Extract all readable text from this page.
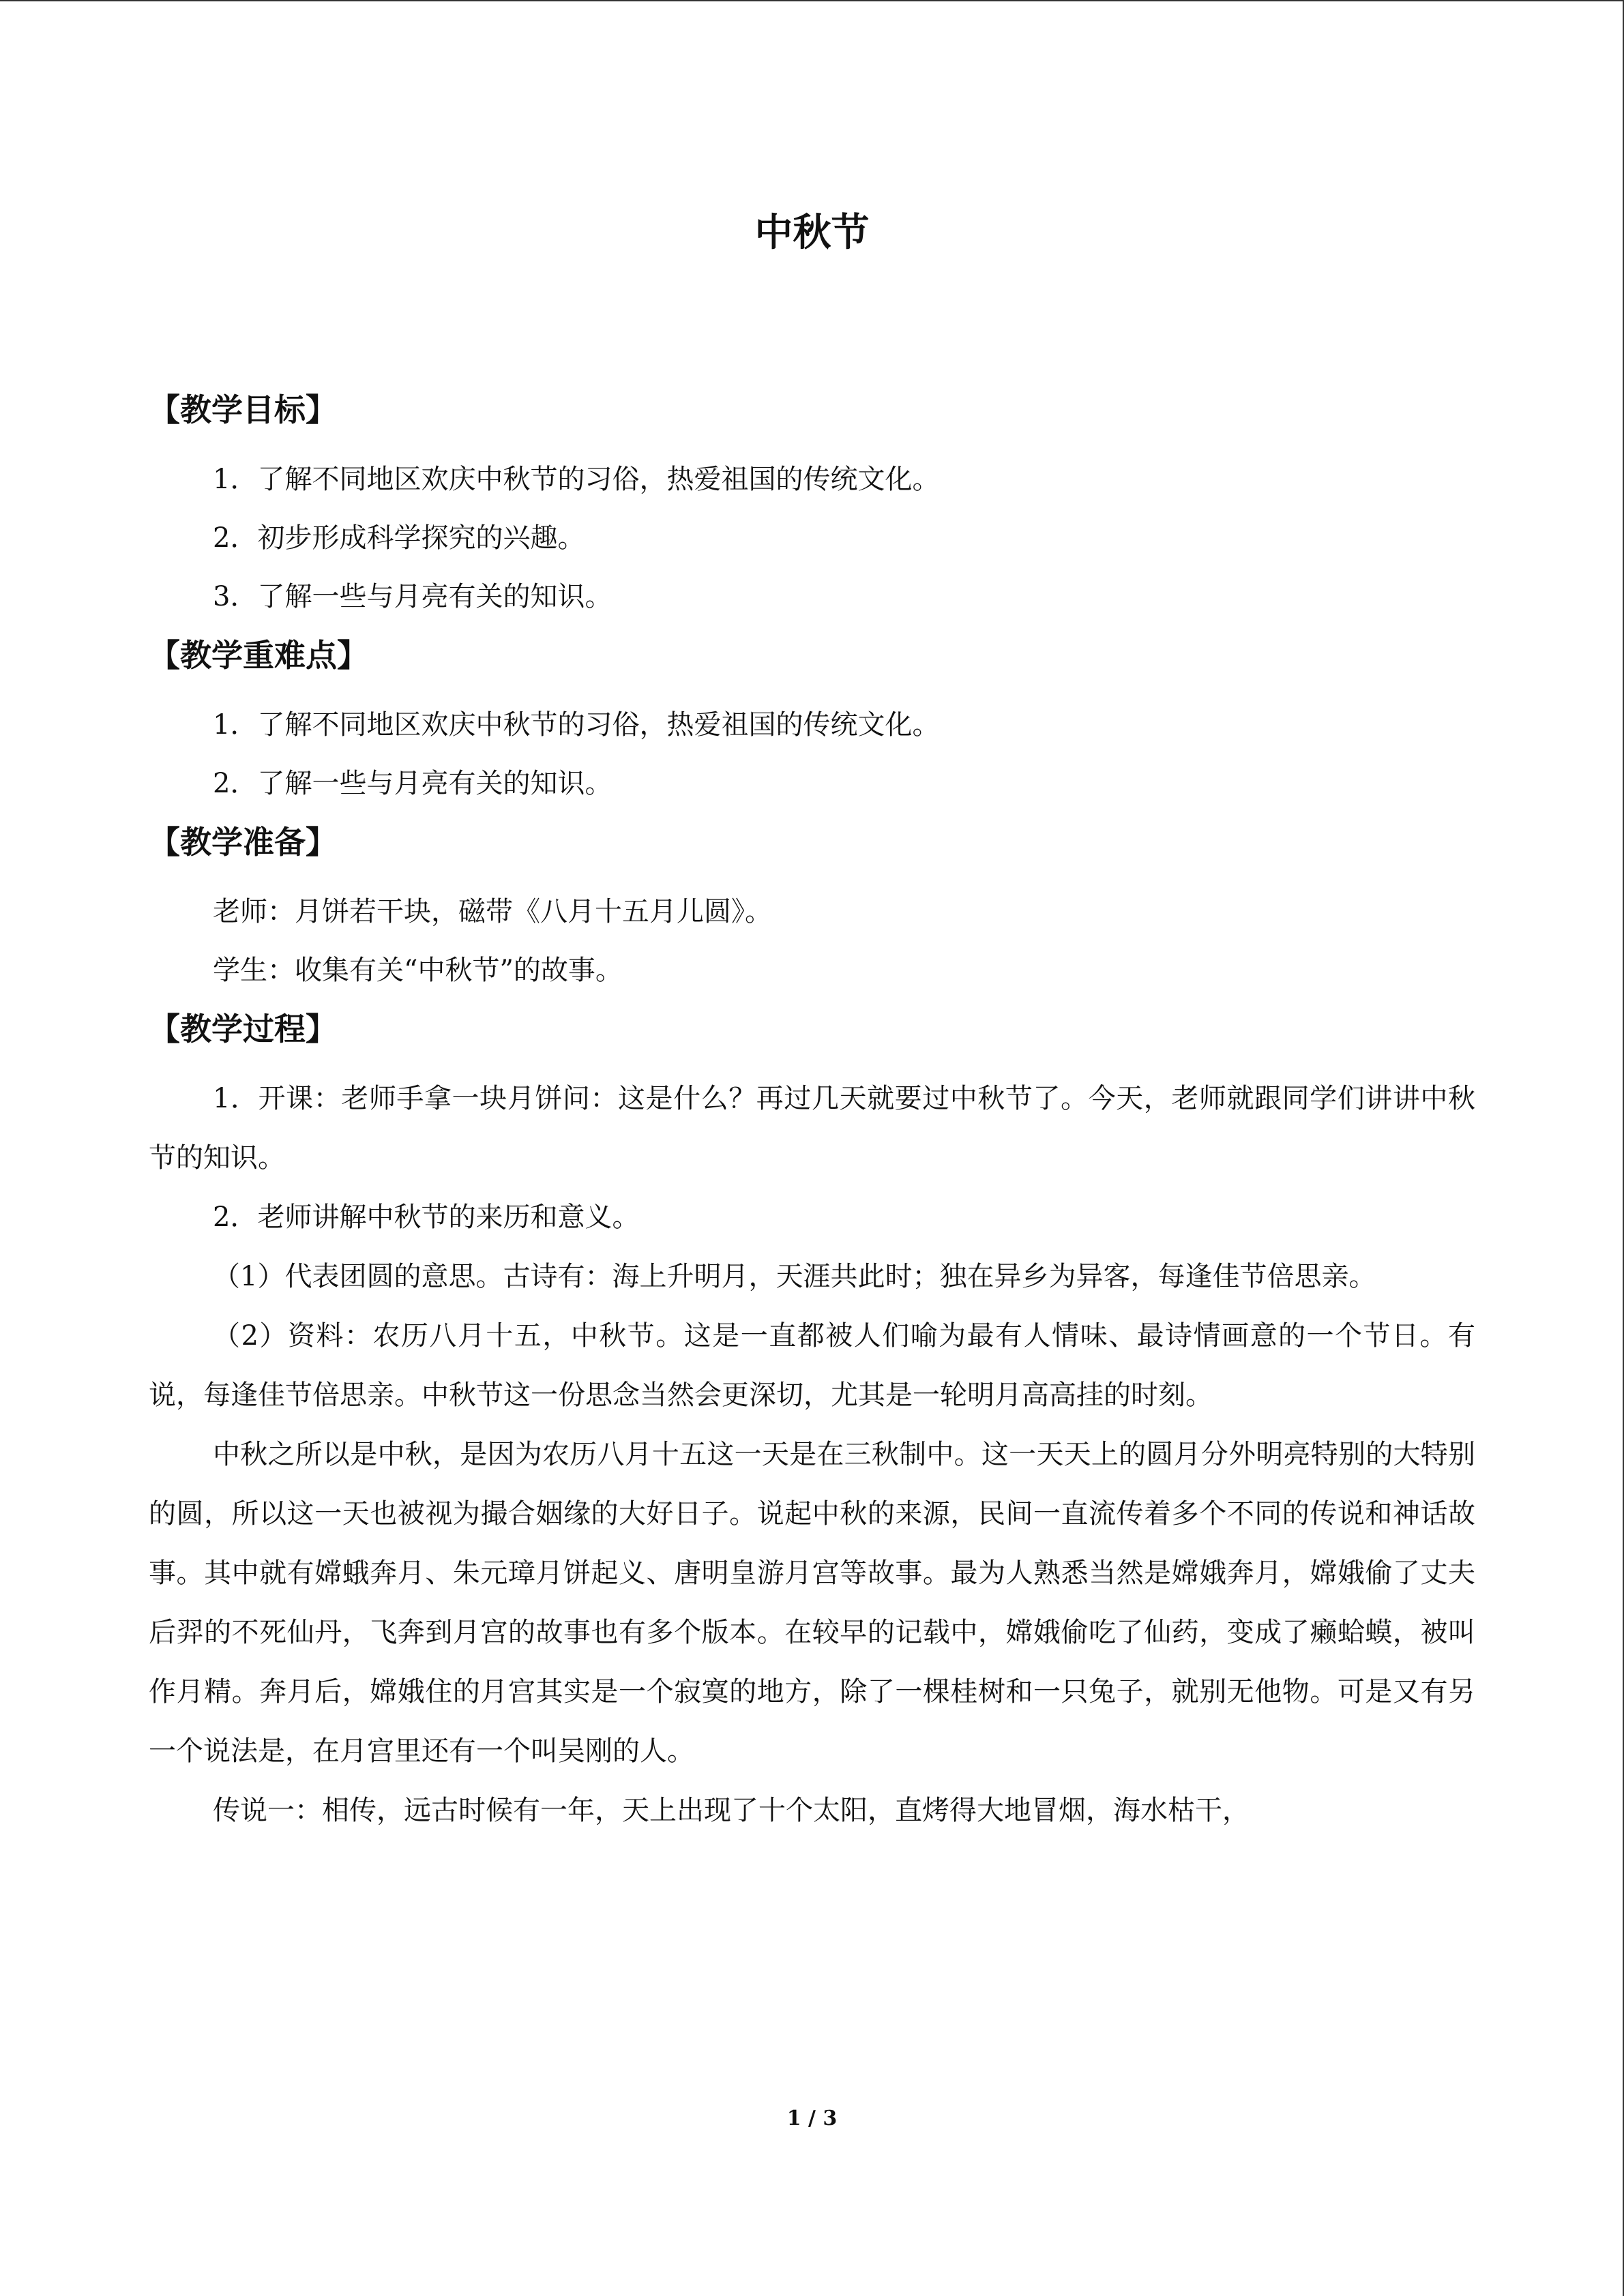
中秋节

【教学目标】

1．了解不同地区欢庆中秋节的习俗，热爱祖国的传统文化。

2．初步形成科学探究的兴趣。

3．了解一些与月亮有关的知识。

【教学重难点】

1．了解不同地区欢庆中秋节的习俗，热爱祖国的传统文化。

2．了解一些与月亮有关的知识。

【教学准备】

老师：月饼若干块，磁带《八月十五月儿圆》。

学生：收集有关“中秋节”的故事。

【教学过程】

1．开课：老师手拿一块月饼问：这是什么？再过几天就要过中秋节了。今天，老师就跟同学们讲讲中秋节的知识。

2．老师讲解中秋节的来历和意义。

（1）代表团圆的意思。古诗有：海上升明月，天涯共此时；独在异乡为异客，每逢佳节倍思亲。

（2）资料：农历八月十五，中秋节。这是一直都被人们喻为最有人情味、最诗情画意的一个节日。有说，每逢佳节倍思亲。中秋节这一份思念当然会更深切，尤其是一轮明月高高挂的时刻。

中秋之所以是中秋，是因为农历八月十五这一天是在三秋制中。这一天天上的圆月分外明亮特别的大特别的圆，所以这一天也被视为撮合姻缘的大好日子。说起中秋的来源，民间一直流传着多个不同的传说和神话故事。其中就有嫦蛾奔月、朱元璋月饼起义、唐明皇游月宫等故事。最为人熟悉当然是嫦娥奔月，嫦娥偷了丈夫后羿的不死仙丹，飞奔到月宫的故事也有多个版本。在较早的记载中，嫦娥偷吃了仙药，变成了癞蛤蟆，被叫作月精。奔月后，嫦娥住的月宫其实是一个寂寞的地方，除了一棵桂树和一只兔子，就别无他物。可是又有另一个说法是，在月宫里还有一个叫吴刚的人。

传说一：相传，远古时候有一年，天上出现了十个太阳，直烤得大地冒烟，海水枯干，

1 / 3
